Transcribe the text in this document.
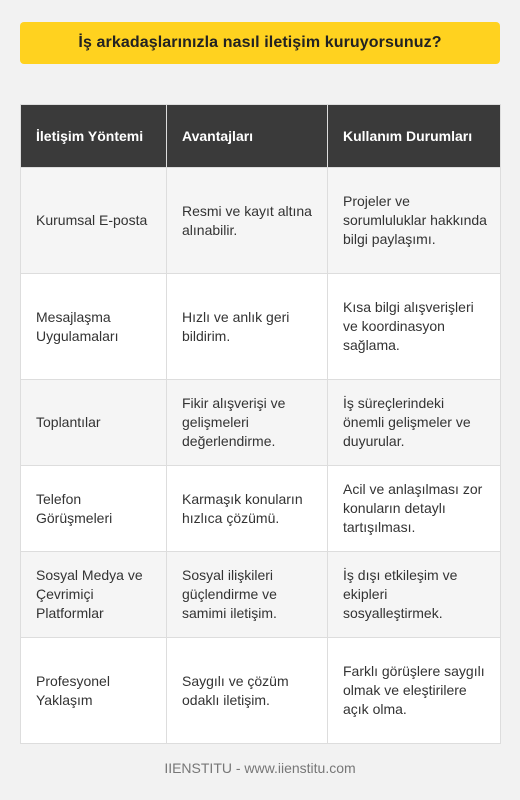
İş arkadaşlarınızla nasıl iletişim kuruyorsunuz?
İletişim Yöntemi	Avantajları	Kullanım Durumları
Kurumsal E-posta	Resmi ve kayıt altına alınabilir.	Projeler ve sorumluluklar hakkında bilgi paylaşımı.
Mesajlaşma Uygulamaları	Hızlı ve anlık geri bildirim.	Kısa bilgi alışverişleri ve koordinasyon sağlama.
Toplantılar	Fikir alışverişi ve gelişmeleri değerlendirme.	İş süreçlerindeki önemli gelişmeler ve duyurular.
Telefon Görüşmeleri	Karmaşık konuların hızlıca çözümü.	Acil ve anlaşılması zor konuların detaylı tartışılması.
Sosyal Medya ve Çevrimiçi Platformlar	Sosyal ilişkileri güçlendirme ve samimi iletişim.	İş dışı etkileşim ve ekipleri sosyalleştirmek.
Profesyonel Yaklaşım	Saygılı ve çözüm odaklı iletişim.	Farklı görüşlere saygılı olmak ve eleştirilere açık olma.
IIENSTITU - www.iienstitu.com
